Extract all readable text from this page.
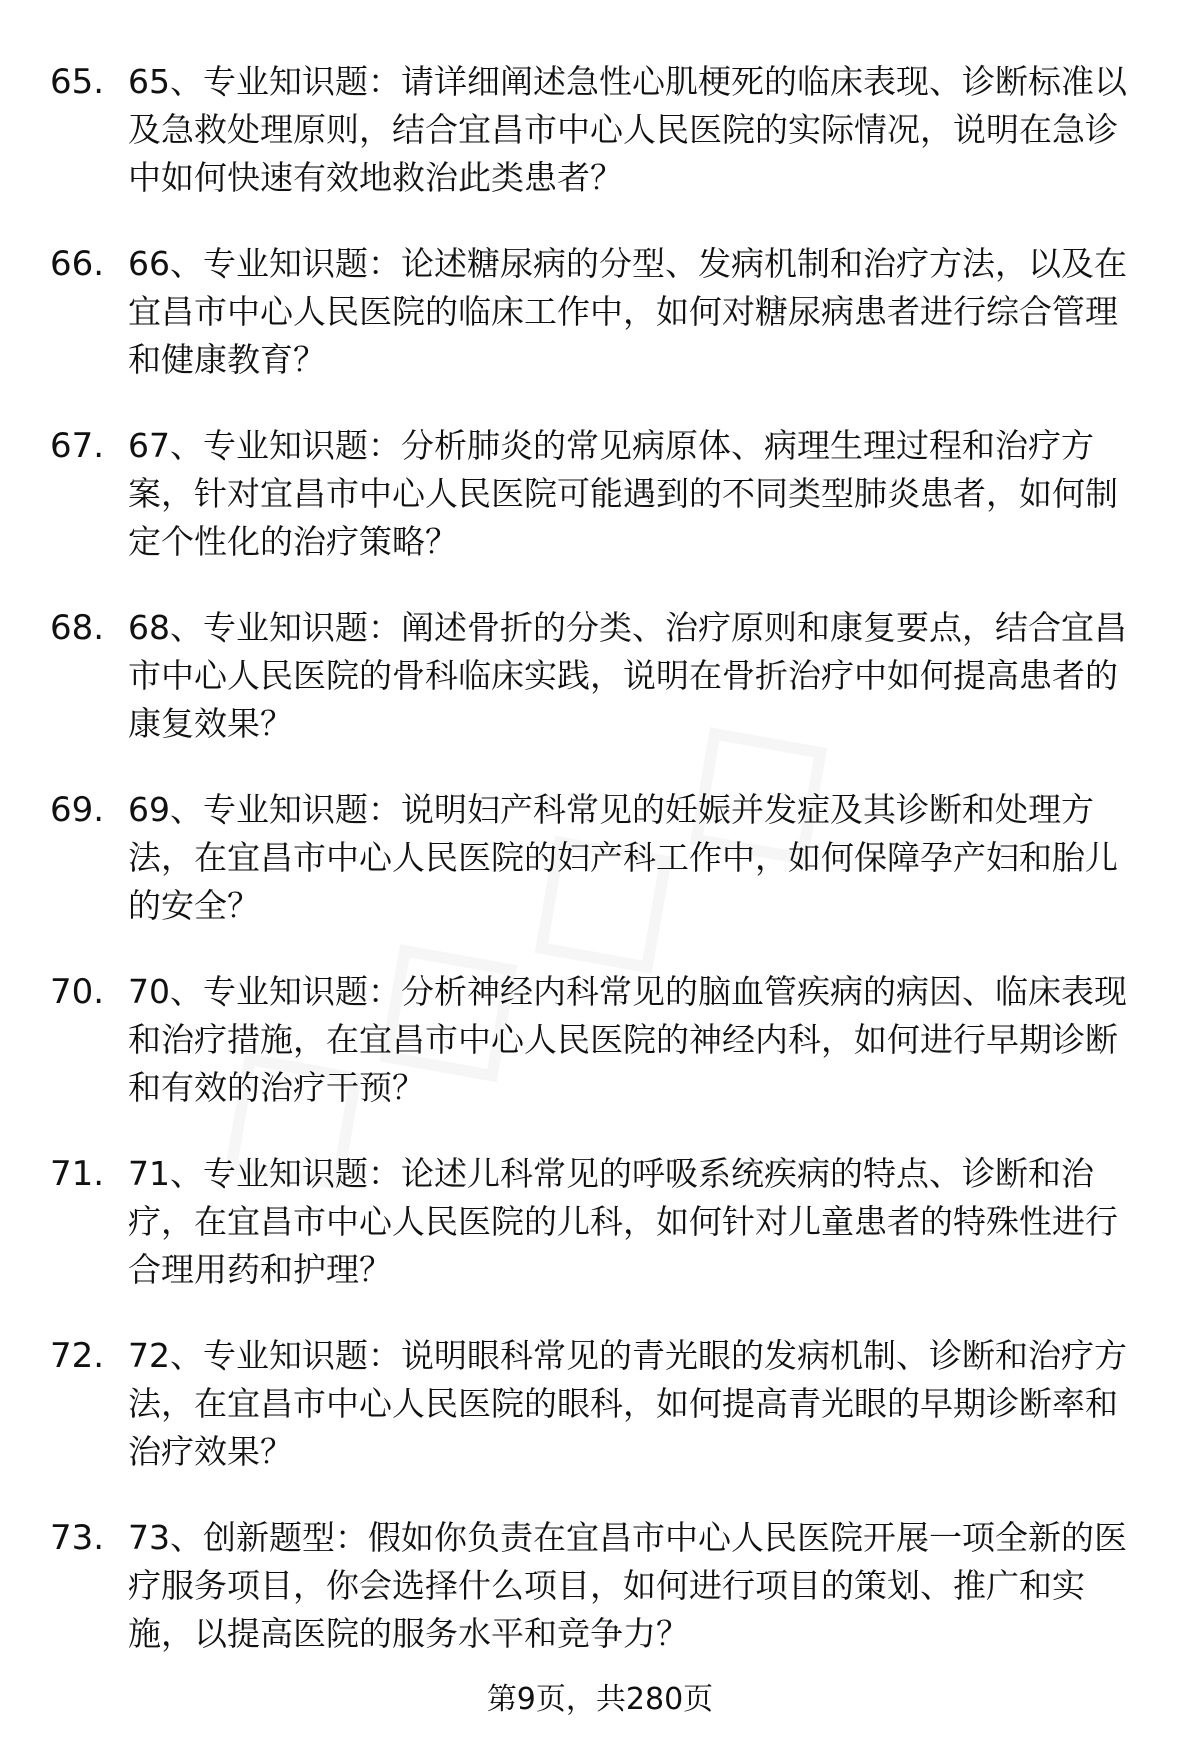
65. 65、专业知识题：请详细阐述急性心肌梗死的临床表现、诊断标准以及急救处理原则，结合宜昌市中心人民医院的实际情况，说明在急诊中如何快速有效地救治此类患者？
66. 66、专业知识题：论述糖尿病的分型、发病机制和治疗方法，以及在宜昌市中心人民医院的临床工作中，如何对糖尿病患者进行综合管理和健康教育？
67. 67、专业知识题：分析肺炎的常见病原体、病理生理过程和治疗方案，针对宜昌市中心人民医院可能遇到的不同类型肺炎患者，如何制定个性化的治疗策略？
68. 68、专业知识题：阐述骨折的分类、治疗原则和康复要点，结合宜昌市中心人民医院的骨科临床实践，说明在骨折治疗中如何提高患者的康复效果？
69. 69、专业知识题：说明妇产科常见的妊娠并发症及其诊断和处理方法，在宜昌市中心人民医院的妇产科工作中，如何保障孕产妇和胎儿的安全？
70. 70、专业知识题：分析神经内科常见的脑血管疾病的病因、临床表现和治疗措施，在宜昌市中心人民医院的神经内科，如何进行早期诊断和有效的治疗干预？
71. 71、专业知识题：论述儿科常见的呼吸系统疾病的特点、诊断和治疗，在宜昌市中心人民医院的儿科，如何针对儿童患者的特殊性进行合理用药和护理？
72. 72、专业知识题：说明眼科常见的青光眼的发病机制、诊断和治疗方法，在宜昌市中心人民医院的眼科，如何提高青光眼的早期诊断率和治疗效果？
73. 73、创新题型：假如你负责在宜昌市中心人民医院开展一项全新的医疗服务项目，你会选择什么项目，如何进行项目的策划、推广和实施，以提高医院的服务水平和竞争力？
第9页，共280页
